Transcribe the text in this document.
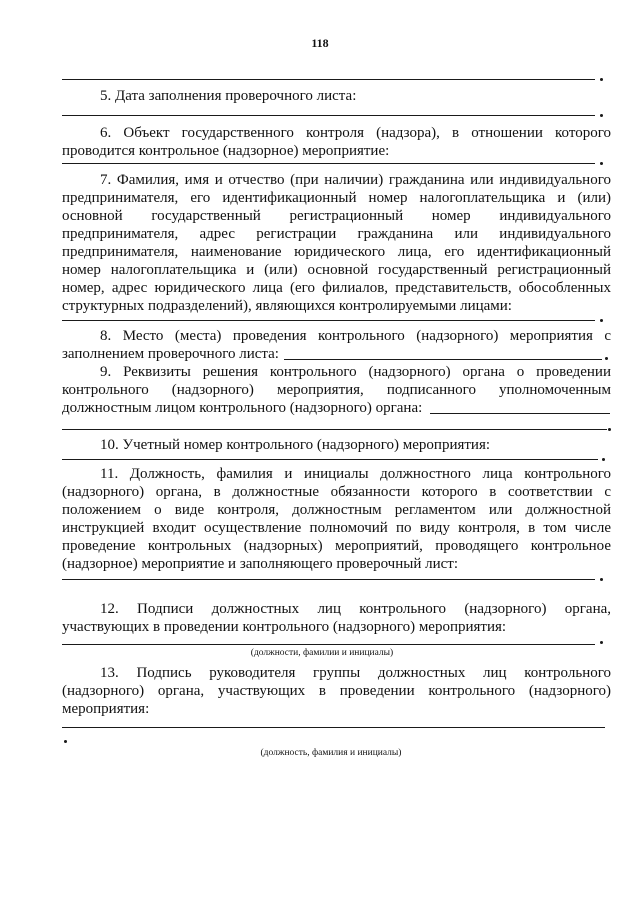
118
5. Дата заполнения проверочного листа:
6. Объект государственного контроля (надзора), в отношении которого
проводится контрольное (надзорное) мероприятие:
7. Фамилия, имя и отчество (при наличии) гражданина или индивидуального
предпринимателя, его идентификационный номер налогоплательщика и (или)
основной государственный регистрационный номер индивидуального
предпринимателя, адрес регистрации гражданина или индивидуального
предпринимателя, наименование юридического лица, его идентификационный
номер налогоплательщика и (или) основной государственный регистрационный
номер, адрес юридического лица (его филиалов, представительств, обособленных
структурных подразделений), являющихся контролируемыми лицами:
8. Место (места) проведения контрольного (надзорного) мероприятия с
заполнением проверочного листа:
9. Реквизиты решения контрольного (надзорного) органа о проведении
контрольного (надзорного) мероприятия, подписанного уполномоченным
должностным лицом контрольного (надзорного) органа:
10. Учетный номер контрольного (надзорного) мероприятия:
11. Должность, фамилия и инициалы должностного лица контрольного
(надзорного) органа, в должностные обязанности которого в соответствии с
положением о виде контроля, должностным регламентом или должностной
инструкцией входит осуществление полномочий по виду контроля, в том числе
проведение контрольных (надзорных) мероприятий, проводящего контрольное
(надзорное) мероприятие и заполняющего проверочный лист:
12. Подписи должностных лиц контрольного (надзорного) органа,
участвующих в проведении контрольного (надзорного) мероприятия:
(должности, фамилии и инициалы)
13. Подпись руководителя группы должностных лиц контрольного
(надзорного) органа, участвующих в проведении контрольного (надзорного)
мероприятия:
(должность, фамилия и инициалы)
